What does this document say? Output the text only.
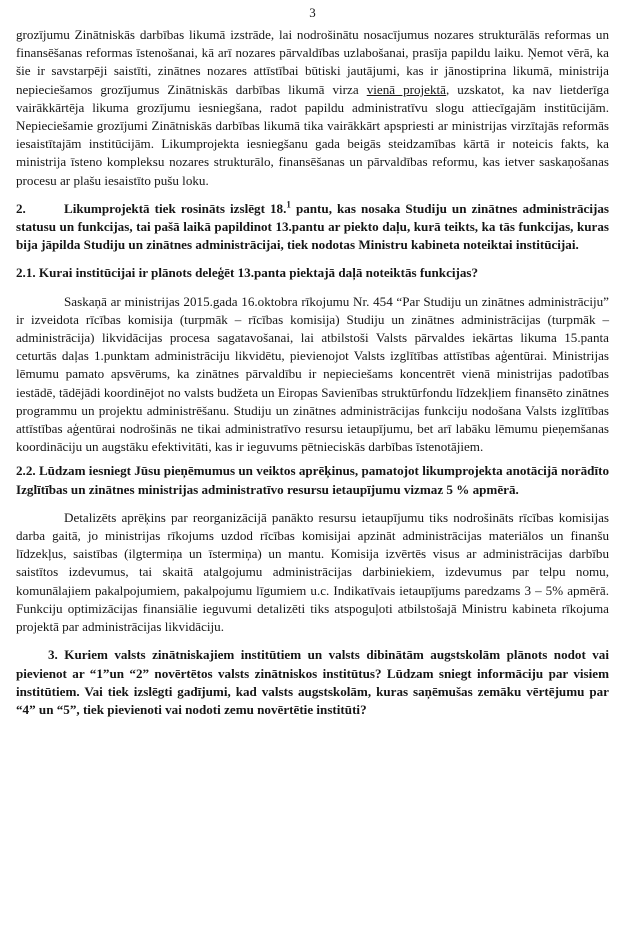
3

grozījumu Zinātniskās darbības likumā izstrāde, lai nodrošinātu nosacījumus nozares strukturālās reformas un finansēšanas reformas īstenošanai, kā arī nozares pārvaldības uzlabošanai, prasīja papildu laiku. Ņemot vērā, ka šie ir savstarpēji saistīti, zinātnes nozares attīstībai būtiski jautājumi, kas ir jānostiprina likumā, ministrija nepieciešamos grozījumus Zinātniskās darbības likumā virza vienā projektā, uzskatot, ka nav lietderīga vairākkārtēja likuma grozījumu iesniegšana, radot papildu administratīvu slogu attiecīgajām institūcijām. Nepieciešamie grozījumi Zinātniskās darbības likumā tika vairākkārt apspriesti ar ministrijas virzītajās reformās iesaistītajām institūcijām. Likumprojekta iesniegšanu gada beigās steidzamības kārtā ir noteicis fakts, ka ministrija īsteno kompleksu nozares strukturālo, finansēšanas un pārvaldības reformu, kas ietver saskaņošanas procesu ar plašu iesaistīto pušu loku.

2.	Likumprojektā tiek rosināts izslēgt 18.$^1$ pantu, kas nosaka Studiju un zinātnes administrācijas statusu un funkcijas, tai pašā laikā papildinot 13.pantu ar piekto daļu, kurā teikts, ka tās funkcijas, kuras bija jāpilda Studiju un zinātnes administrācijai, tiek nodotas Ministru kabineta noteiktai institūcijai.

2.1. Kurai institūcijai ir plānots deleģēt 13.panta piektajā daļā noteiktās funkcijas?

Saskaņā ar ministrijas 2015.gada 16.oktobra rīkojumu Nr. 454 “Par Studiju un zinātnes administrāciju” ir izveidota rīcības komisija (turpmāk – rīcības komisija) Studiju un zinātnes administrācijas (turpmāk – administrācija) likvidācijas procesa sagatavošanai, lai atbilstoši Valsts pārvaldes iekārtas likuma 15.panta ceturtās daļas 1.punktam administrāciju likvidētu, pievienojot Valsts izglītības attīstības aģentūrai. Ministrijas lēmumu pamato apsvērums, ka zinātnes pārvaldību ir nepieciešams koncentrēt vienā ministrijas padotības iestādē, tādējādi koordinējot no valsts budžeta un Eiropas Savienības struktūrfondu līdzekļiem finansēto zinātnes programmu un projektu administrēšanu. Studiju un zinātnes administrācijas funkciju nodošana Valsts izglītības attīstības aģentūrai nodrošinās ne tikai administratīvo resursu ietaupījumu, bet arī labāku lēmumu pieņemšanas koordināciju un augstāku efektivitāti, kas ir ieguvums pētnieciskās darbības īstenotājiem.

2.2. Lūdzam iesniegt Jūsu pieņēmumus un veiktos aprēķinus, pamatojot likumprojekta anotācijā norādīto Izglītības un zinātnes ministrijas administratīvo resursu ietaupījumu vizmaz 5 % apmērā.

Detalizēts aprēķins par reorganizācijā panākto resursu ietaupījumu tiks nodrošināts rīcības komisijas darba gaitā, jo ministrijas rīkojums uzdod rīcības komisijai apzināt administrācijas materiālos un finanšu līdzekļus, saistības (ilgtermiņa un īstermiņa) un mantu. Komisija izvērtēs visus ar administrācijas darbību saistītos izdevumus, tai skaitā atalgojumu administrācijas darbiniekiem, izdevumus par telpu nomu, komunālajiem pakalpojumiem, pakalpojumu līgumiem u.c. Indikatīvais ietaupījums paredzams 3 – 5% apmērā. Funkciju optimizācijas finansiālie ieguvumi detalizēti tiks atspoguļoti atbilstošajā Ministru kabineta rīkojuma projektā par administrācijas likvidāciju.

3. Kuriem valsts zinātniskajiem institūtiem un valsts dibinātām augstskolām plānots nodot vai pievienot ar “1”un “2” novērtētos valsts zinātniskos institūtus? Lūdzam sniegt informāciju par visiem institūtiem. Vai tiek izslēgti gadījumi, kad valsts augstskolām, kuras saņēmušas zemāku vērtējumu par “4” un “5”, tiek pievienoti vai nodoti zemu novērtētie institūti?
